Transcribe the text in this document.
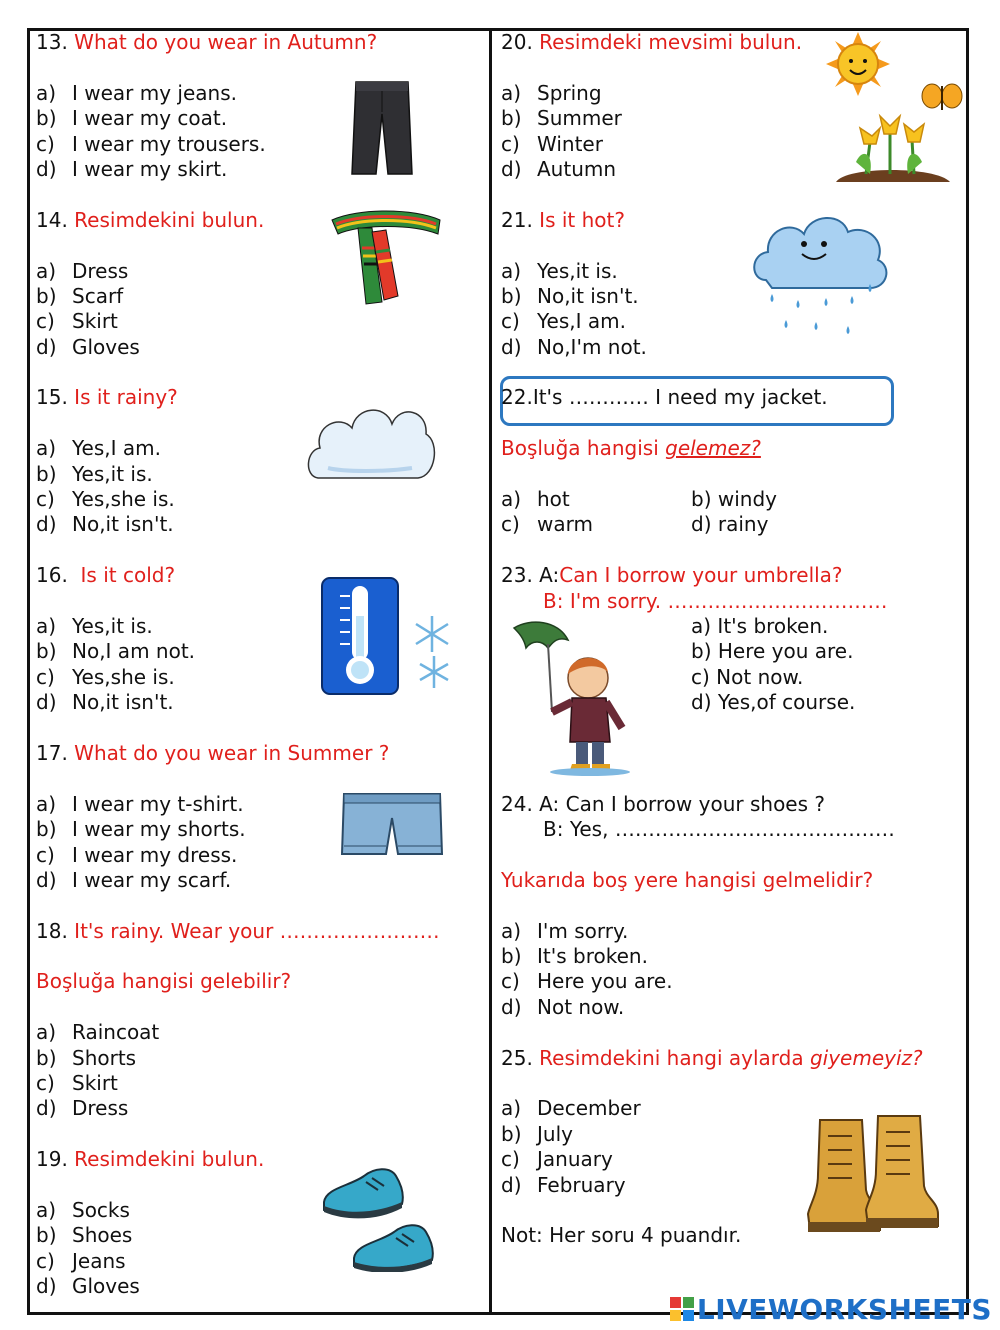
13. What do you wear in Autumn?
a) I wear my jeans.
b) I wear my coat.
c) I wear my trousers.
d) I wear my skirt.
14. Resimdekini bulun.
a) Dress
b) Scarf
c) Skirt
d) Gloves
15. Is it rainy?
a) Yes,I am.
b) Yes,it is.
c) Yes,she is.
d) No,it isn't.
16. Is it cold?
a) Yes,it is.
b) No,I am not.
c) Yes,she is.
d) No,it isn't.
17. What do you wear in Summer ?
a) I wear my t-shirt.
b) I wear my shorts.
c) I wear my dress.
d) I wear my scarf.
18. It's rainy. Wear your ……………………
Boşluğa hangisi gelebilir?
a) Raincoat
b) Shorts
c) Skirt
d) Dress
19. Resimdekini bulun.
a) Socks
b) Shoes
c) Jeans
d) Gloves
20. Resimdeki mevsimi bulun.
a) Spring
b) Summer
c) Winter
d) Autumn
21. Is it hot?
a) Yes,it is.
b) No,it isn't.
c) Yes,I am.
d) No,I'm not.
22.It's ………… I need my jacket.
Boşluğa hangisi gelemez?
a) hot	b)
windy
c) warm	d)
rainy
23. A:Can I borrow your umbrella?
B: I'm sorry. ……………………………
a)
It's broken.
b)
Here you are.
c)
Not now.
d)
Yes,of course.
24. A: Can I borrow your shoes ?
B: Yes, ……………………………………
Yukarıda boş yere hangisi gelmelidir?
a) I'm sorry.
b) It's broken.
c) Here you are.
d) Not now.
25. Resimdekini hangi aylarda giyemeyiz?
a) December
b) July
c) January
d) February
Not: Her soru 4 puandır.
LIVEWORKSHEETS
